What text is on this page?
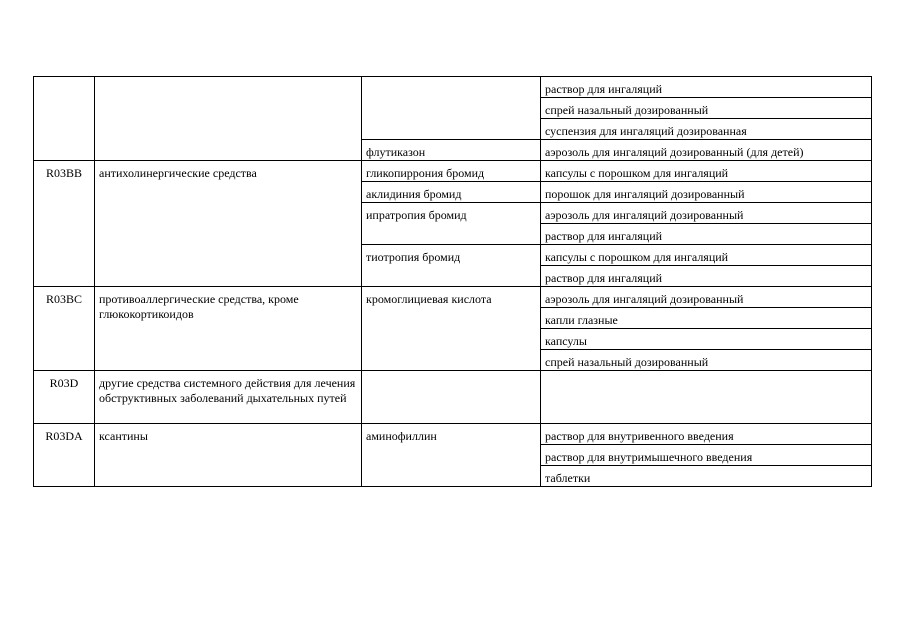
			раствор для ингаляций
			спрей назальный дозированный
			суспензия для ингаляций дозированная
		флутиказон	аэрозоль для ингаляций дозированный (для детей)
R03BB	антихолинергические средства	гликопиррония бромид	капсулы с порошком для ингаляций
		аклидиния бромид	порошок для ингаляций дозированный
		ипратропия бромид	аэрозоль для ингаляций дозированный
			раствор для ингаляций
		тиотропия бромид	капсулы с порошком для ингаляций
			раствор для ингаляций
R03BC	противоаллергические средства, кроме глюкокортикоидов	кромоглициевая кислота	аэрозоль для ингаляций дозированный
			капли глазные
			капсулы
			спрей назальный дозированный
R03D	другие средства системного действия для лечения обструктивных заболеваний дыхательных путей		
R03DA	ксантины	аминофиллин	раствор для внутривенного введения
			раствор для внутримышечного введения
			таблетки
